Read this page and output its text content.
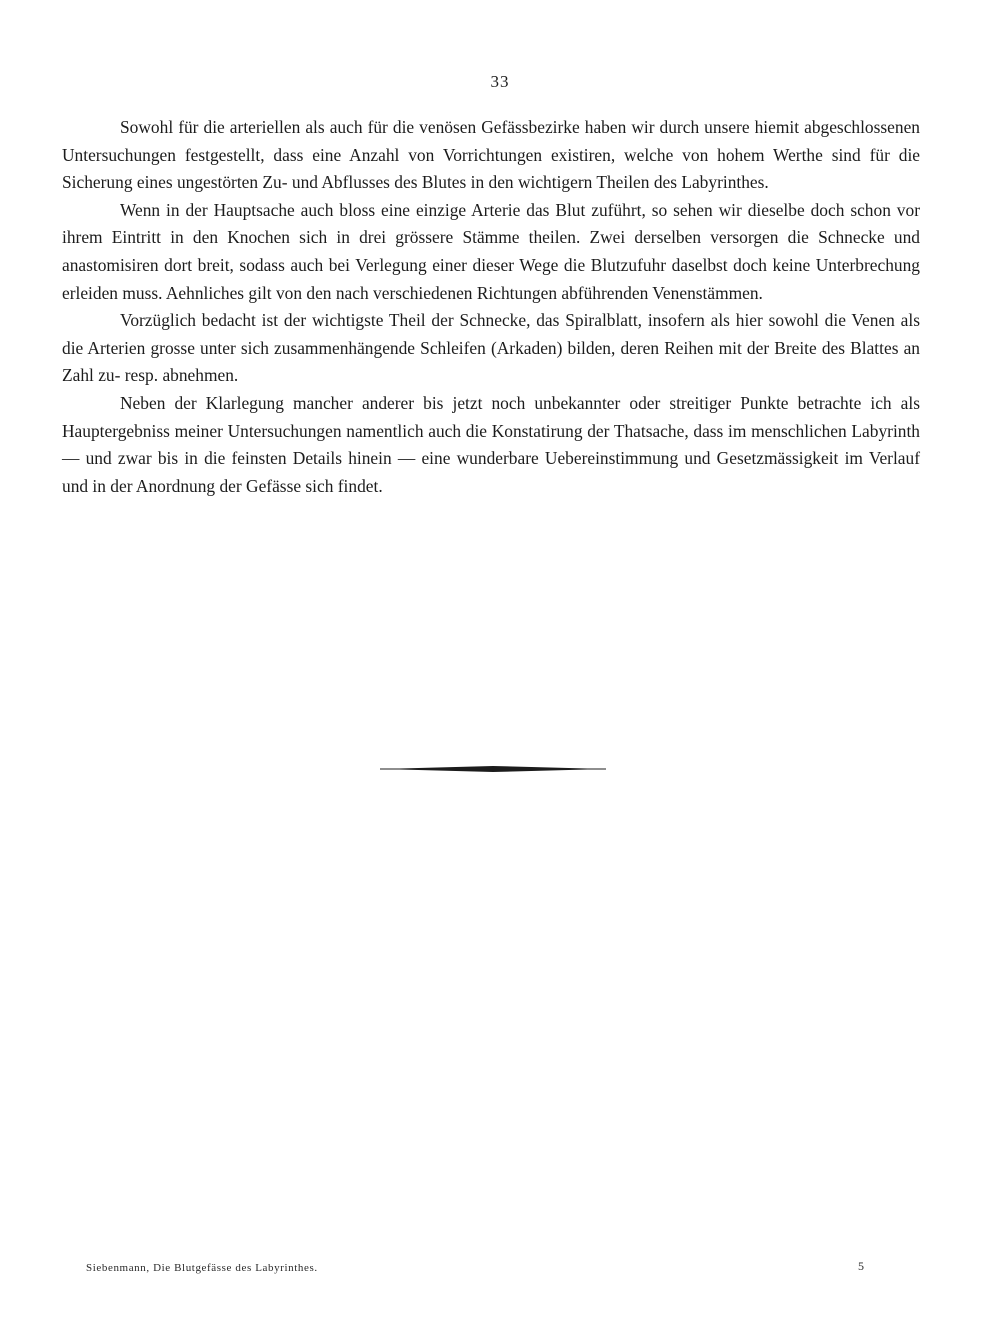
33

Sowohl für die arteriellen als auch für die venösen Gefässbezirke haben wir durch unsere hiemit abgeschlossenen Untersuchungen festgestellt, dass eine Anzahl von Vorrichtungen existiren, welche von hohem Werthe sind für die Sicherung eines ungestörten Zu- und Abflusses des Blutes in den wichtigern Theilen des Labyrinthes.

Wenn in der Hauptsache auch bloss eine einzige Arterie das Blut zuführt, so sehen wir dieselbe doch schon vor ihrem Eintritt in den Knochen sich in drei grössere Stämme theilen. Zwei derselben versorgen die Schnecke und anastomisiren dort breit, sodass auch bei Verlegung einer dieser Wege die Blutzufuhr daselbst doch keine Unterbrechung erleiden muss. Aehnliches gilt von den nach verschiedenen Richtungen abführenden Venenstämmen.

Vorzüglich bedacht ist der wichtigste Theil der Schnecke, das Spiralblatt, insofern als hier sowohl die Venen als die Arterien grosse unter sich zusammenhängende Schleifen (Arkaden) bilden, deren Reihen mit der Breite des Blattes an Zahl zu- resp. abnehmen.

Neben der Klarlegung mancher anderer bis jetzt noch unbekannter oder streitiger Punkte betrachte ich als Hauptergebniss meiner Untersuchungen namentlich auch die Konstatirung der Thatsache, dass im menschlichen Labyrinth — und zwar bis in die feinsten Details hinein — eine wunderbare Uebereinstimmung und Gesetzmässigkeit im Verlauf und in der Anordnung der Gefässe sich findet.

Siebenmann, Die Blutgefässe des Labyrinthes.	5
